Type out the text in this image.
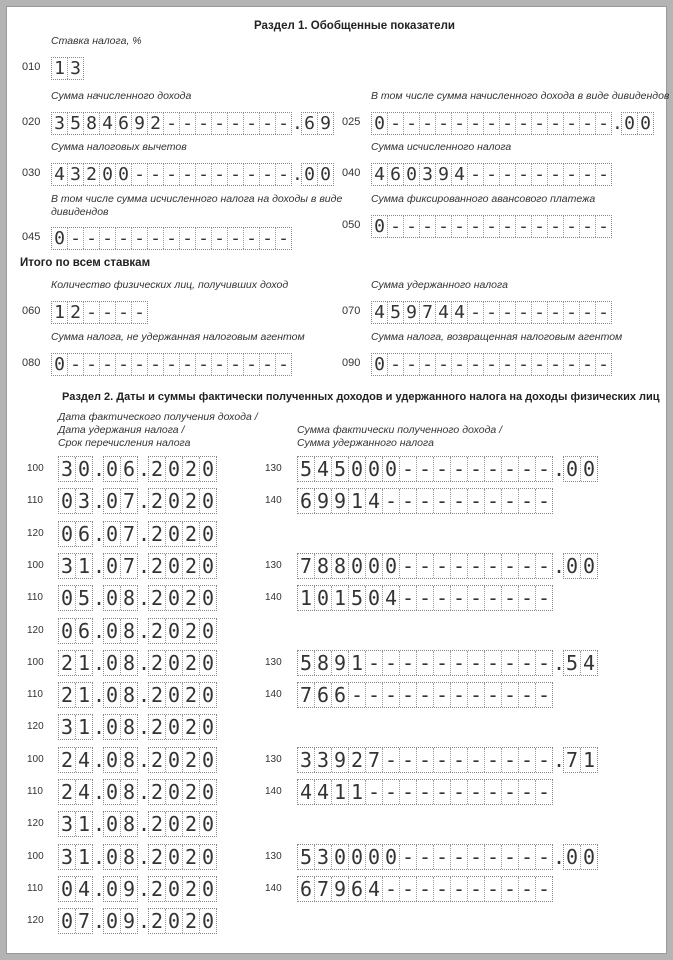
Раздел 1. Обобщенные показатели
Ставка налога, %
010 1 3
Сумма начисленного дохода
020 3 5 8 4 6 9 2 - - - - - - - - . 6 9
В том числе сумма начисленного дохода в виде дивидендов
025 0 - - - - - - - - - - - - - - . 0 0
Сумма налоговых вычетов
030 4 3 2 0 0 - - - - - - - - - - . 0 0
Сумма исчисленного налога
040 4 6 0 3 9 4 - - - - - - - - -
В том числе сумма исчисленного налога на доходы в виде
дивидендов
045 0 - - - - - - - - - - - - - -
Сумма фиксированного авансового платежа
050 0 - - - - - - - - - - - - - -
Итого по всем ставкам
Количество физических лиц, получивших доход
060 1 2 - - - -
Сумма удержанного налога
070 4 5 9 7 4 4 - - - - - - - - -
Сумма налога, не удержанная налоговым агентом
080 0 - - - - - - - - - - - - - -
Сумма налога, возвращенная налоговым агентом
090 0 - - - - - - - - - - - - - -
Раздел 2. Даты и суммы фактически полученных доходов и удержанного налога на доходы физических лиц
Дата фактического получения дохода /
Дата удержания налога /
Срок перечисления налога
Сумма фактически полученного дохода /
Сумма удержанного налога
100 3 0 . 0 6 . 2 0 2 0	130 5 4 5 0 0 0 - - - - - - - - - . 0 0
110 0 3 . 0 7 . 2 0 2 0	140 6 9 9 1 4 - - - - - - - - - -
120 0 6 . 0 7 . 2 0 2 0
100 3 1 . 0 7 . 2 0 2 0	130 7 8 8 0 0 0 - - - - - - - - - . 0 0
110 0 5 . 0 8 . 2 0 2 0	140 1 0 1 5 0 4 - - - - - - - - -
120 0 6 . 0 8 . 2 0 2 0
100 2 1 . 0 8 . 2 0 2 0	130 5 8 9 1 - - - - - - - - - - - . 5 4
110 2 1 . 0 8 . 2 0 2 0	140 7 6 6 - - - - - - - - - - - -
120 3 1 . 0 8 . 2 0 2 0
100 2 4 . 0 8 . 2 0 2 0	130 3 3 9 2 7 - - - - - - - - - - . 7 1
110 2 4 . 0 8 . 2 0 2 0	140 4 4 1 1 - - - - - - - - - - -
120 3 1 . 0 8 . 2 0 2 0
100 3 1 . 0 8 . 2 0 2 0	130 5 3 0 0 0 0 - - - - - - - - - . 0 0
110 0 4 . 0 9 . 2 0 2 0	140 6 7 9 6 4 - - - - - - - - - -
120 0 7 . 0 9 . 2 0 2 0
